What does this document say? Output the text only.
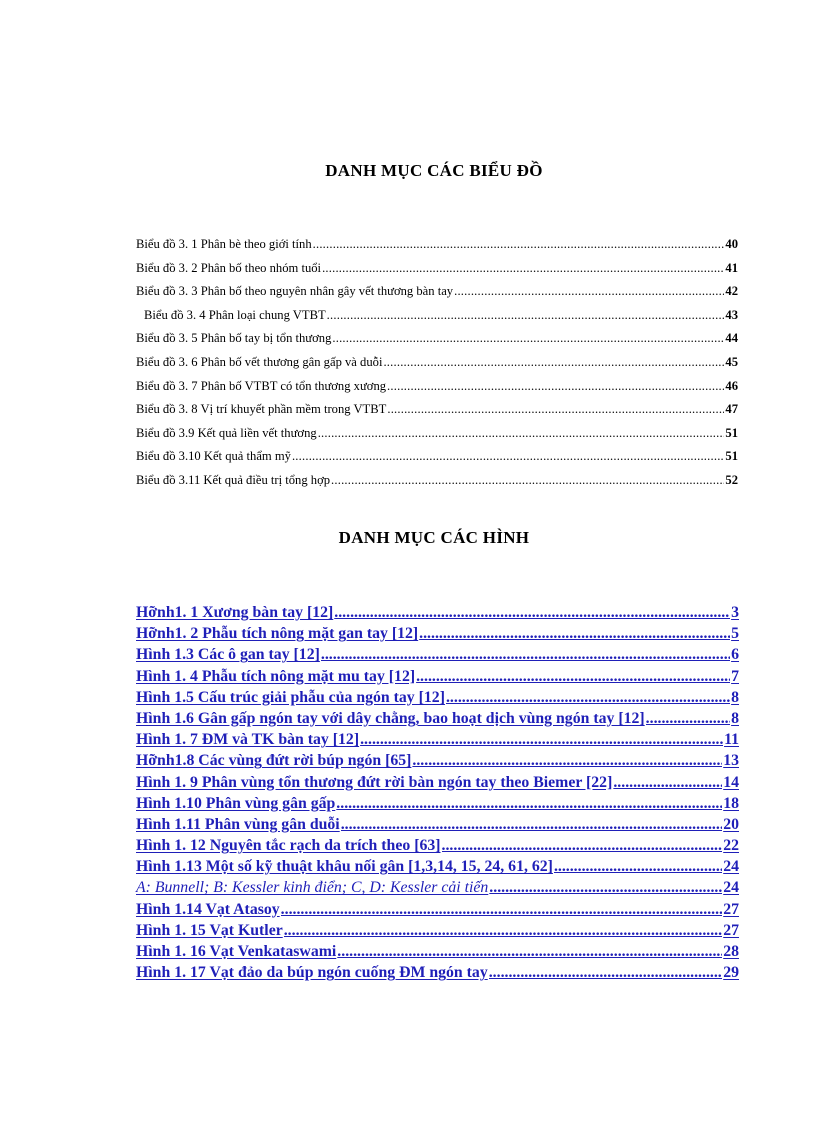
DANH MỤC CÁC BIỂU ĐỒ
Biểu đồ 3. 1 Phân bè theo giới tính .....	40
Biểu đồ 3. 2 Phân bố theo nhóm tuổi .....	41
Biểu đồ 3. 3 Phân bố theo nguyên nhân gây vết thương bàn tay .....	42
Biểu đồ 3. 4 Phân loại chung VTBT .....	43
Biểu đồ 3. 5 Phân bố tay bị tổn thương .....	44
Biểu đồ 3. 6 Phân bố vết thương gân gấp và duỗi .....	45
Biểu đồ 3. 7 Phân bố VTBT có tổn thương xương .....	46
Biểu đồ 3. 8 Vị trí khuyết phần mềm trong VTBT .....	47
Biểu đồ 3.9 Kết quả liền vết thương .....	51
Biểu đồ 3.10 Kết quả thẩm mỹ .....	51
Biểu đồ 3.11 Kết quả điều trị tổng hợp .....	52
DANH MỤC CÁC HÌNH
Hỡnh1. 1 Xương bàn tay [12] .....	3
Hỡnh1. 2 Phẫu tích nông mặt gan tay [12] .....	5
Hình 1.3 Các ô gan tay [12] .....	6
Hình 1. 4 Phẫu tích nông mặt mu tay [12] .....	7
Hình 1.5 Cấu trúc giải phẫu của ngón tay [12] .....	8
Hình 1.6 Gân gấp ngón tay với dây chằng, bao hoạt dịch vùng ngón tay [12] .....	8
Hình 1. 7 ĐM và TK bàn tay [12] .....	11
Hỡnh1.8 Các vùng đứt rời búp ngón [65] .....	13
Hình 1. 9 Phân vùng tổn thương đứt rời bàn ngón tay theo Biemer [22] .....	14
Hình 1.10 Phân vùng gân gấp .....	18
Hình 1.11 Phân vùng gân duỗi .....	20
Hình 1. 12 Nguyên tắc rạch da trích theo [63] .....	22
Hình 1.13 Một số kỹ thuật khâu nối gân [1,3,14, 15, 24, 61, 62] .....	24
A: Bunnell; B: Kessler kinh điển; C, D: Kessler cải tiến .....	24
Hình 1.14 Vạt Atasoy .....	27
Hình 1. 15 Vạt Kutler .....	27
Hình 1. 16 Vạt Venkataswami .....	28
Hình 1. 17 Vạt đảo da búp ngón cuống ĐM ngón tay .....	29
